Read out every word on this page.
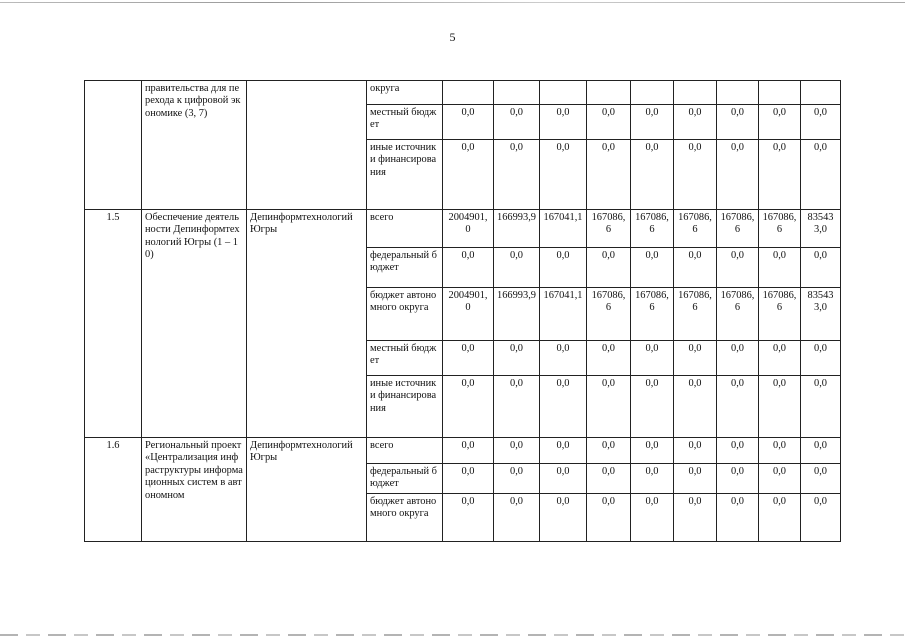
5
	правительства для перехода к цифровой экономике (3, 7)		округа									
			местный бюджет	0,0	0,0	0,0	0,0	0,0	0,0	0,0	0,0	0,0
			иные источники финансирования	0,0	0,0	0,0	0,0	0,0	0,0	0,0	0,0	0,0
1.5	Обеспечение деятельности Депинформтехнологий Югры (1 – 10)	Депинформтехнологий Югры	всего	2004901,0	166993,9	167041,1	167086,6	167086,6	167086,6	167086,6	167086,6	835433,0
			федеральный бюджет	0,0	0,0	0,0	0,0	0,0	0,0	0,0	0,0	0,0
			бюджет автономного округа	2004901,0	166993,9	167041,1	167086,6	167086,6	167086,6	167086,6	167086,6	835433,0
			местный бюджет	0,0	0,0	0,0	0,0	0,0	0,0	0,0	0,0	0,0
			иные источники финансирования	0,0	0,0	0,0	0,0	0,0	0,0	0,0	0,0	0,0
1.6	Региональный проект «Централизация инфраструктуры информационных систем в автономном	Депинформтехнологий Югры	всего	0,0	0,0	0,0	0,0	0,0	0,0	0,0	0,0	0,0
			федеральный бюджет	0,0	0,0	0,0	0,0	0,0	0,0	0,0	0,0	0,0
			бюджет автономного округа	0,0	0,0	0,0	0,0	0,0	0,0	0,0	0,0	0,0
